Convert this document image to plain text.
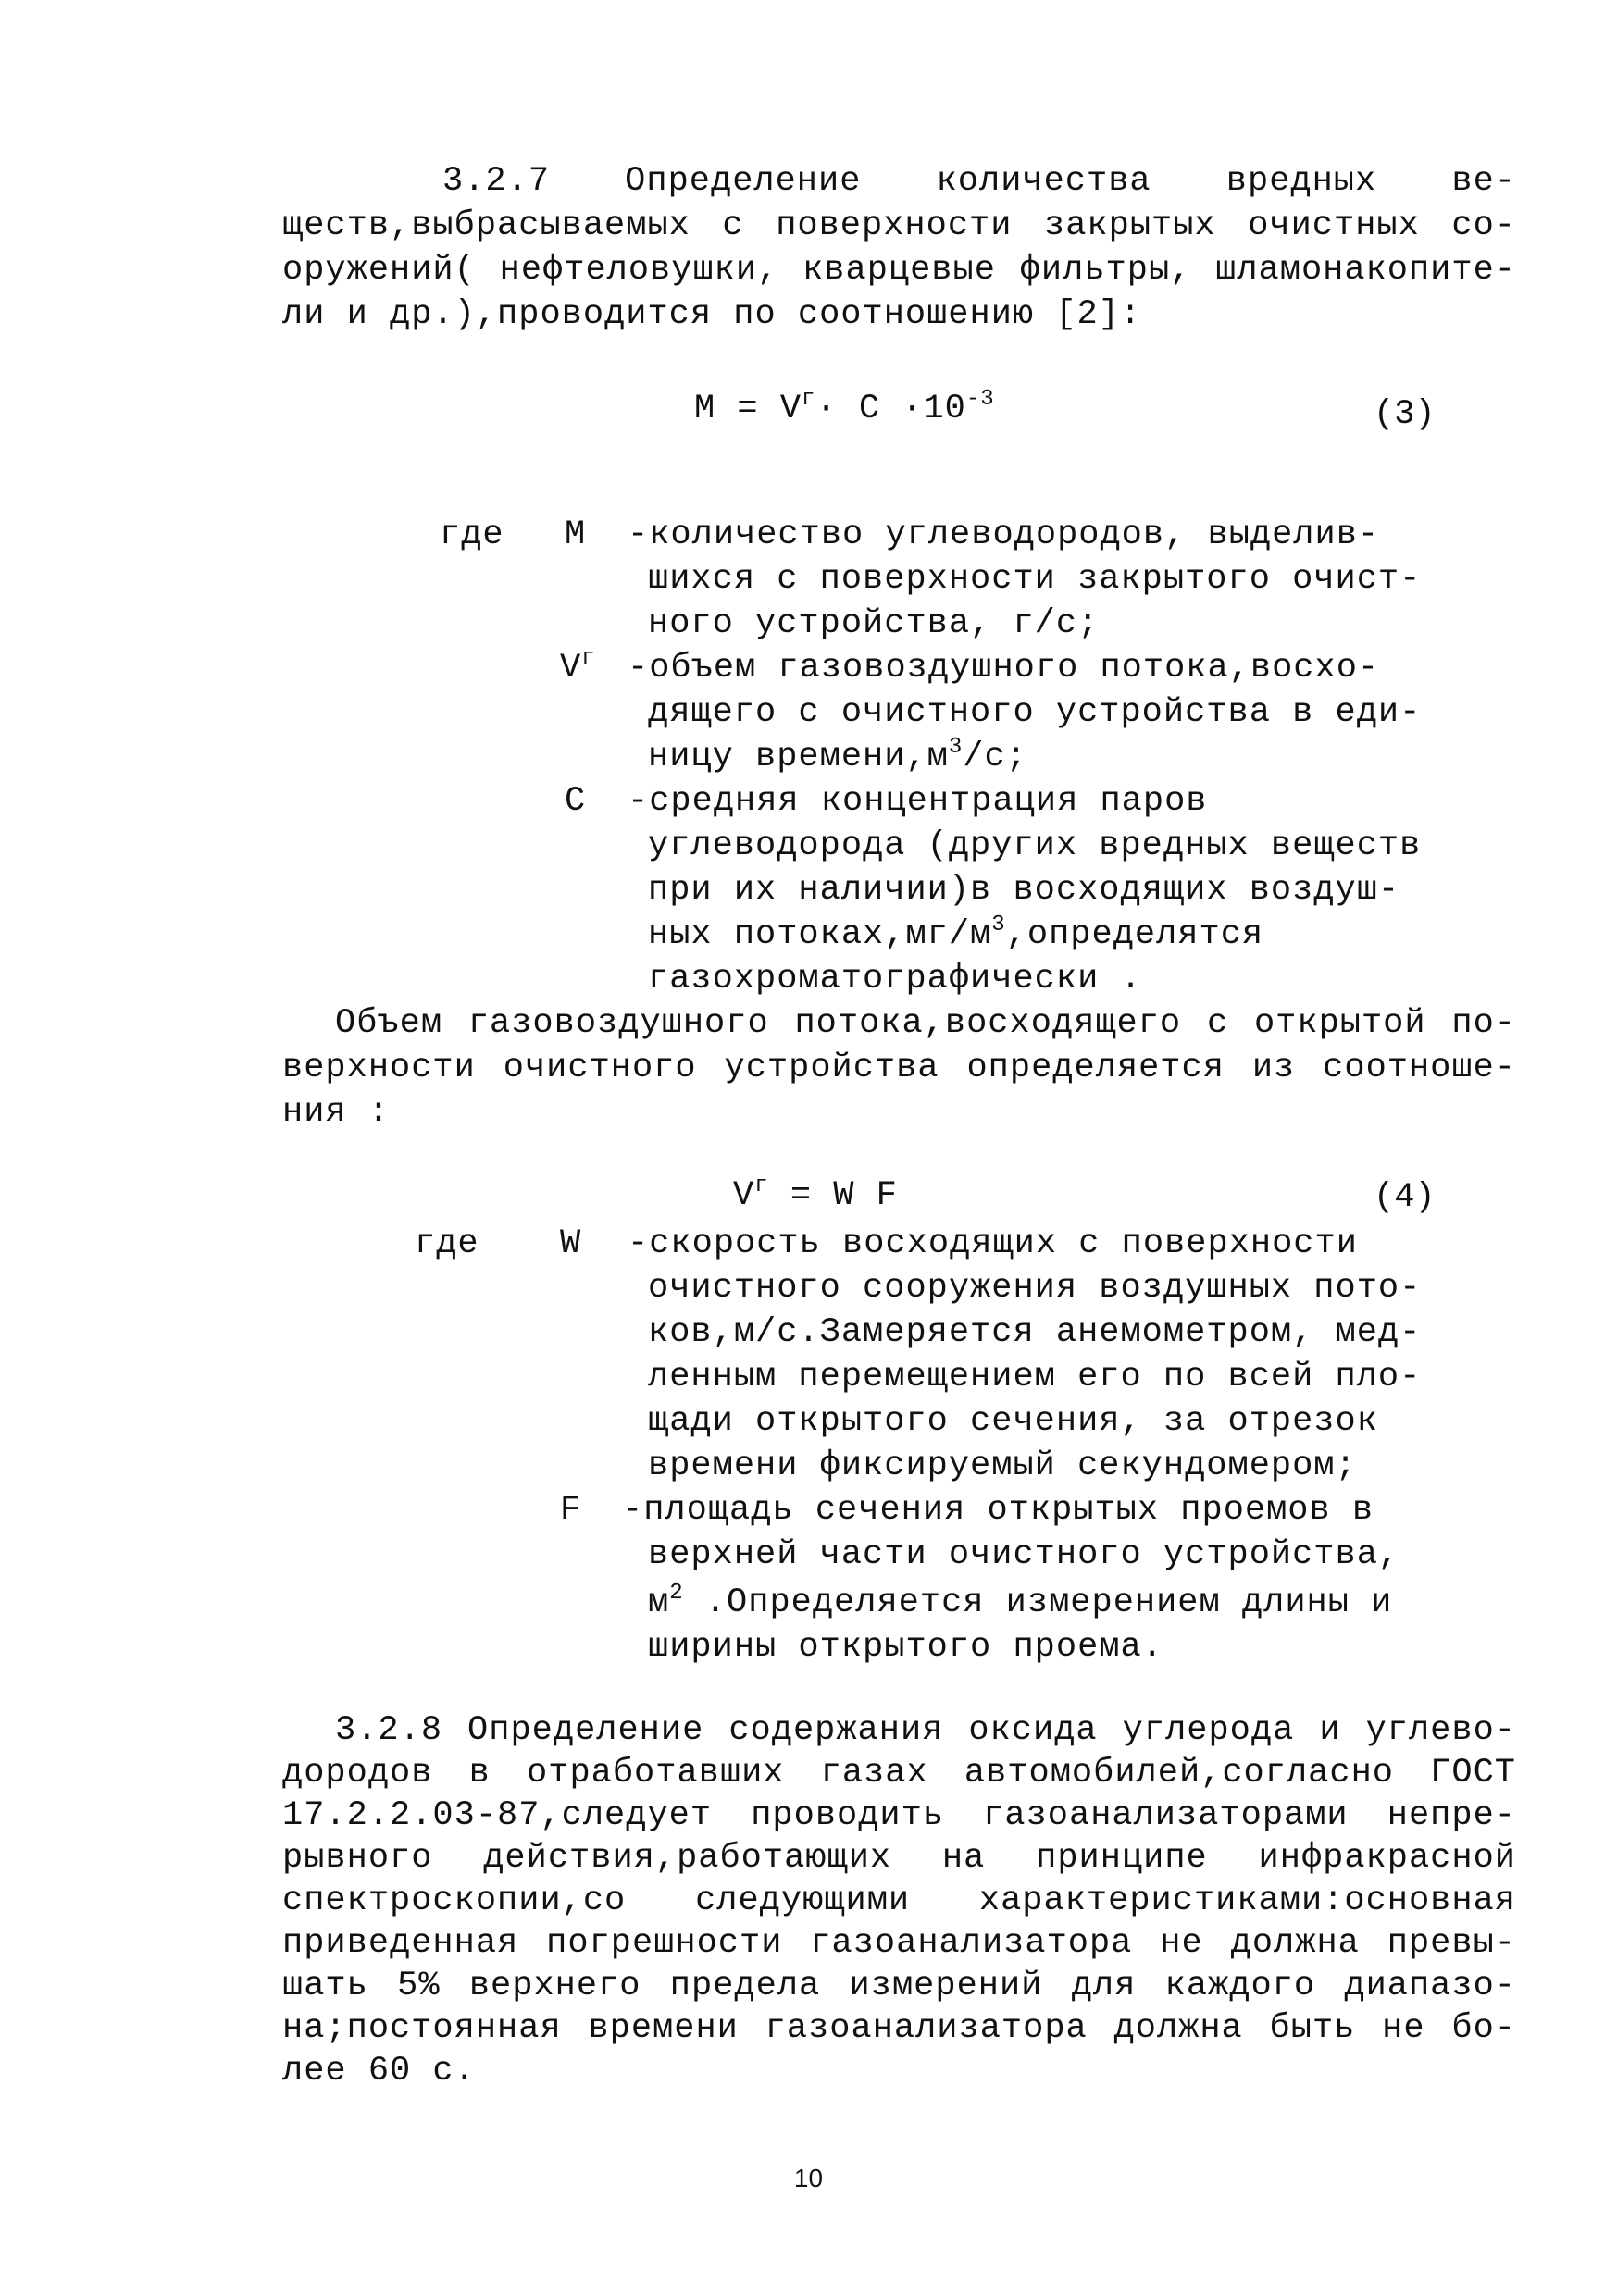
3.2.7 Определение количества вредных ве-
ществ,выбрасываемых с поверхности закрытых очистных со-
оружений( нефтеловушки, кварцевые фильтры, шламонакопите-
ли и др.),проводится по соотношению [2]:
$М = V^г\cdot С \cdot 10^{-3}$	(3)
где М -количество углеводородов, выделив-
шихся с поверхности закрытого очист-
ного устройства, г/с;
$V^г$ -объем газовоздушного потока,восхо-
дящего с очистного устройства в еди-
ницу $времени,м^3/с$;
С -средняя концентрация паров
углеводорода (других вредных веществ
при их наличии)в восходящих воздуш-
ных $потоках,мг/м^3,определятся$
газохроматографически .
Объем газовоздушного потока,восходящего с открытой по-
верхности очистного устройства определяется из соотноше-
ния :
$V^г = W$ F	(4)
где W -скорость восходящих с поверхности
очистного сооружения воздушных пото-
ков,м/с.Замеряется анемометром, мед-
ленным перемещением его по всей пло-
щади открытого сечения, за отрезок
времени фиксируемый секундомером;
F -площадь сечения открытых проемов в
верхней части очистного устройства,
$м^2$ .Определяется измерением длины и
ширины открытого проема.
3.2.8 Определение содержания оксида углерода и углево-
дородов в отработавших газах автомобилей,согласно ГОСТ
17.2.2.03-87,следует проводить газоанализаторами непре-
рывного действия,работающих на принципе инфракрасной
спектроскопии,со следующими характеристиками:основная
приведенная погрешности газоанализатора не должна превы-
шать 5% верхнего предела измерений для каждого диапазо-
на;постоянная времени газоанализатора должна быть не бо-
лее 60 с.
10
